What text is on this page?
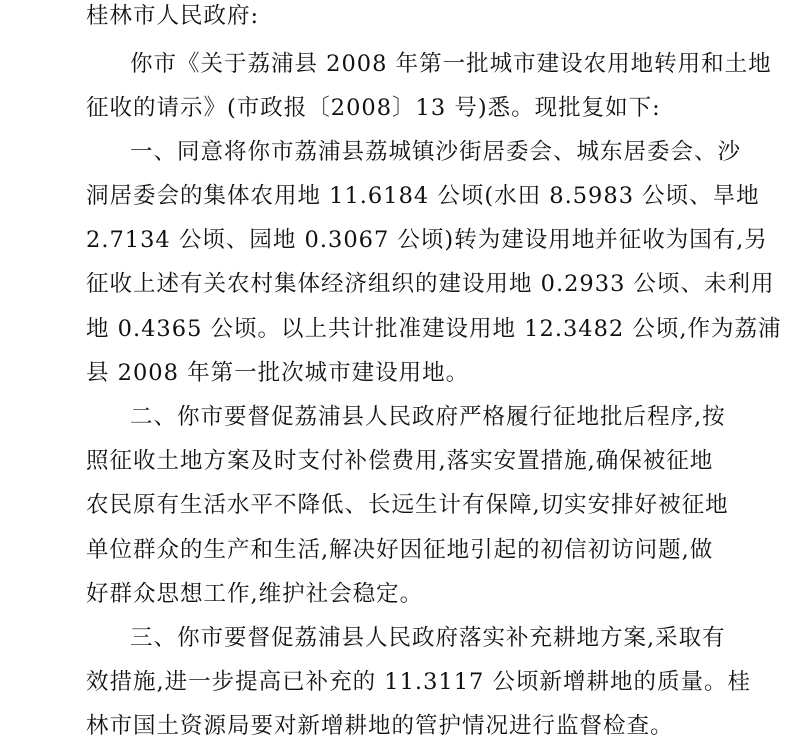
桂林市人民政府:
你市《关于荔浦县 2008 年第一批城市建设农用地转用和土地
征收的请示》(市政报〔2008〕13 号)悉。现批复如下:
一、同意将你市荔浦县荔城镇沙街居委会、城东居委会、沙
洞居委会的集体农用地 11.6184 公顷(水田 8.5983 公顷、旱地
2.7134 公顷、园地 0.3067 公顷)转为建设用地并征收为国有,另
征收上述有关农村集体经济组织的建设用地 0.2933 公顷、未利用
地 0.4365 公顷。以上共计批准建设用地 12.3482 公顷,作为荔浦
县 2008 年第一批次城市建设用地。
二、你市要督促荔浦县人民政府严格履行征地批后程序,按
照征收土地方案及时支付补偿费用,落实安置措施,确保被征地
农民原有生活水平不降低、长远生计有保障,切实安排好被征地
单位群众的生产和生活,解决好因征地引起的初信初访问题,做
好群众思想工作,维护社会稳定。
三、你市要督促荔浦县人民政府落实补充耕地方案,采取有
效措施,进一步提高已补充的 11.3117 公顷新增耕地的质量。桂
林市国土资源局要对新增耕地的管护情况进行监督检查。
